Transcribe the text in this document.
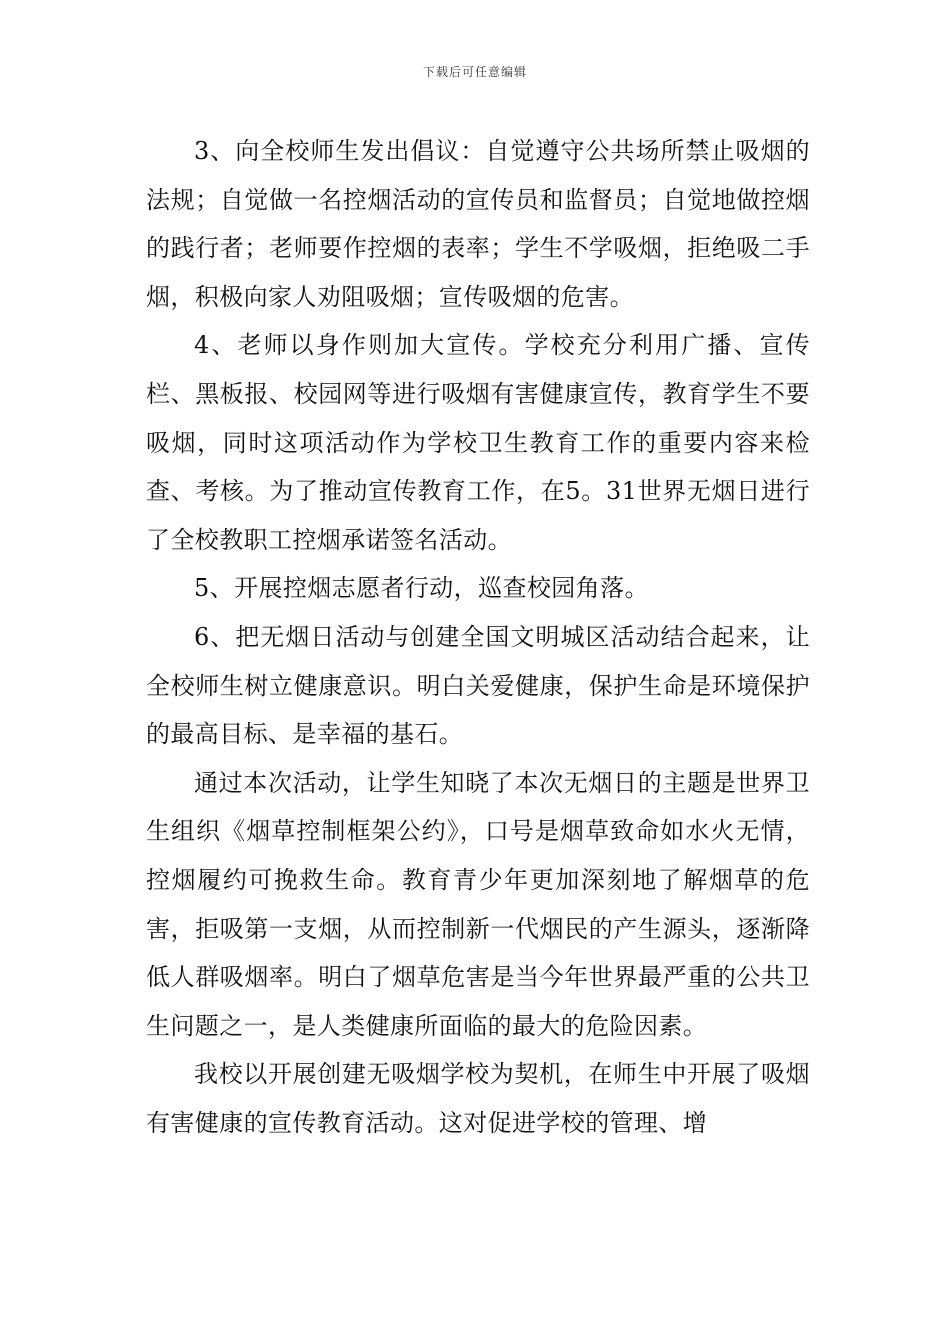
下载后可任意编辑

3、向全校师生发出倡议：自觉遵守公共场所禁止吸烟的法规；自觉做一名控烟活动的宣传员和监督员；自觉地做控烟的践行者；老师要作控烟的表率；学生不学吸烟，拒绝吸二手烟，积极向家人劝阻吸烟；宣传吸烟的危害。

4、老师以身作则加大宣传。学校充分利用广播、宣传栏、黑板报、校园网等进行吸烟有害健康宣传，教育学生不要吸烟，同时这项活动作为学校卫生教育工作的重要内容来检查、考核。为了推动宣传教育工作，在5。31世界无烟日进行了全校教职工控烟承诺签名活动。

5、开展控烟志愿者行动，巡查校园角落。

6、把无烟日活动与创建全国文明城区活动结合起来，让全校师生树立健康意识。明白关爱健康，保护生命是环境保护的最高目标、是幸福的基石。

通过本次活动，让学生知晓了本次无烟日的主题是世界卫生组织《烟草控制框架公约》，口号是烟草致命如水火无情，控烟履约可挽救生命。教育青少年更加深刻地了解烟草的危害，拒吸第一支烟，从而控制新一代烟民的产生源头，逐渐降低人群吸烟率。明白了烟草危害是当今年世界最严重的公共卫生问题之一，是人类健康所面临的最大的危险因素。

我校以开展创建无吸烟学校为契机，在师生中开展了吸烟有害健康的宣传教育活动。这对促进学校的管理、增
